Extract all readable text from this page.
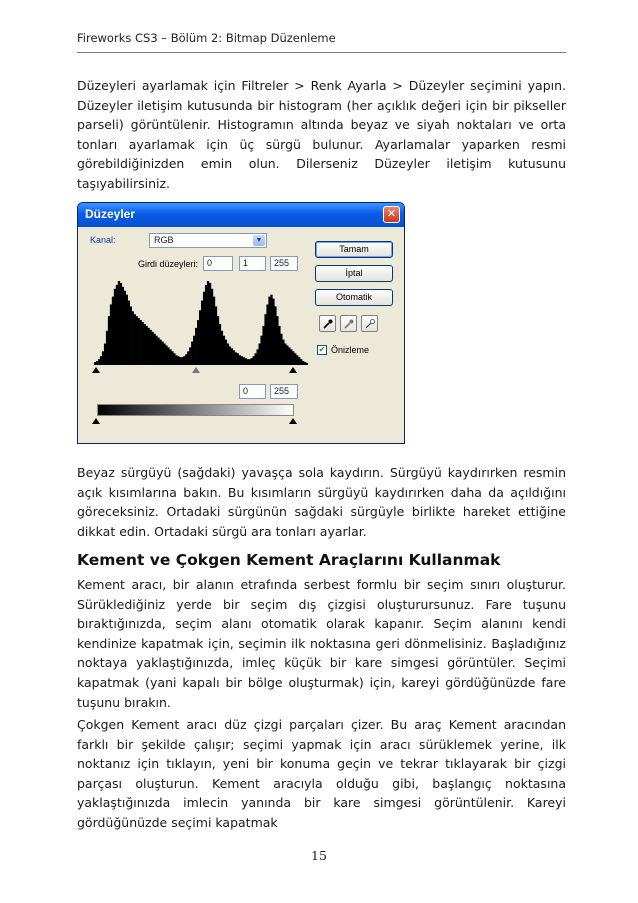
Fireworks CS3 – Bölüm 2: Bitmap Düzenleme

Düzeyleri ayarlamak için Filtreler > Renk Ayarla > Düzeyler seçimini yapın. Düzeyler iletişim kutusunda bir histogram (her açıklık değeri için bir pikseller parseli) görüntülenir. Histogramın altında beyaz ve siyah noktaları ve orta tonları ayarlamak için üç sürgü bulunur. Ayarlamalar yaparken resmi görebildiğinizden emin olun. Dilerseniz Düzeyler iletişim kutusunu taşıyabilirsiniz.

Düzeyler	✕
Kanal:	RGB	▼
Girdi düzeyleri: 0	1	255
0	255
Tamam
İptal
Otomatik
✔ Önizleme

Beyaz sürgüyü (sağdaki) yavaşça sola kaydırın. Sürgüyü kaydırırken resmin açık kısımlarına bakın. Bu kısımların sürgüyü kaydırırken daha da açıldığını göreceksiniz. Ortadaki sürgünün sağdaki sürgüyle birlikte hareket ettiğine dikkat edin. Ortadaki sürgü ara tonları ayarlar.

Kement ve Çokgen Kement Araçlarını Kullanmak

Kement aracı, bir alanın etrafında serbest formlu bir seçim sınırı oluşturur. Sürüklediğiniz yerde bir seçim dış çizgisi oluşturursunuz. Fare tuşunu bıraktığınızda, seçim alanı otomatik olarak kapanır. Seçim alanını kendi kendinize kapatmak için, seçimin ilk noktasına geri dönmelisiniz. Başladığınız noktaya yaklaştığınızda, imleç küçük bir kare simgesi görüntüler. Seçimi kapatmak (yani kapalı bir bölge oluşturmak) için, kareyi gördüğünüzde fare tuşunu bırakın.

Çokgen Kement aracı düz çizgi parçaları çizer. Bu araç Kement aracından farklı bir şekilde çalışır; seçimi yapmak için aracı sürüklemek yerine, ilk noktanız için tıklayın, yeni bir konuma geçin ve tekrar tıklayarak bir çizgi parçası oluşturun. Kement aracıyla olduğu gibi, başlangıç noktasına yaklaştığınızda imlecin yanında bir kare simgesi görüntülenir. Kareyi gördüğünüzde seçimi kapatmak

15
